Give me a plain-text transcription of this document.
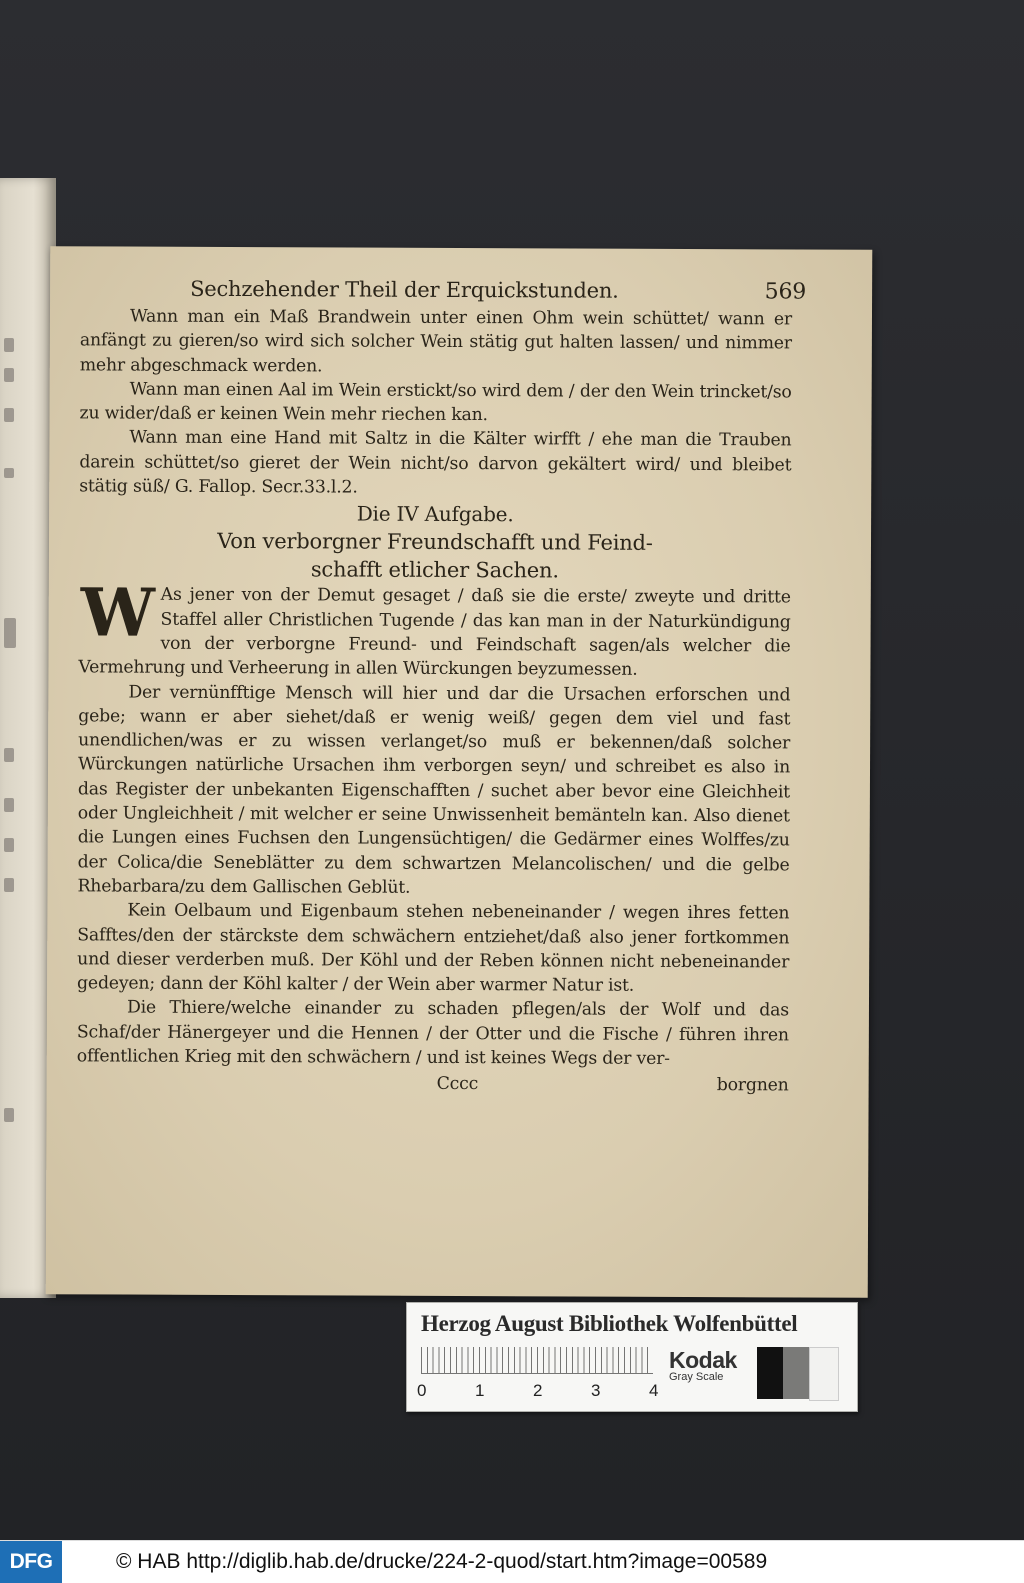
Sechzehender Theil der Erquickstunden.	569
Wann man ein Maß Brandwein unter einen Ohm wein schüttet/ wann er anfängt zu gieren/so wird sich solcher Wein stätig gut halten lassen/ und nimmer mehr abgeschmack werden.
Wann man einen Aal im Wein erstickt/so wird dem / der den Wein trincket/so zu wider/daß er keinen Wein mehr riechen kan.
Wann man eine Hand mit Saltz in die Kälter wirfft / ehe man die Trauben darein schüttet/so gieret der Wein nicht/so darvon gekältert wird/ und bleibet stätig süß/ G. Fallop. Secr.33.l.2.
Die IV Aufgabe.
Von verborgner Freundschafft und Feind-
schafft etlicher Sachen.
W As jener von der Demut gesaget / daß sie die erste/ zweyte und dritte Staffel aller Christlichen Tugende / das kan man in der Naturkündigung von der verborgne Freund- und Feindschaft sagen/als welcher die Vermehrung und Verheerung in allen Würckungen beyzumessen.
Der vernünfftige Mensch will hier und dar die Ursachen erforschen und gebe; wann er aber siehet/daß er wenig weiß/ gegen dem viel und fast unendlichen/was er zu wissen verlanget/so muß er bekennen/daß solcher Würckungen natürliche Ursachen ihm verborgen seyn/ und schreibet es also in das Register der unbekanten Eigenschafften / suchet aber bevor eine Gleichheit oder Ungleichheit / mit welcher er seine Unwissenheit bemänteln kan. Also dienet die Lungen eines Fuchsen den Lungensüchtigen/ die Gedärmer eines Wolffes/zu der Colica/die Seneblätter zu dem schwartzen Melancolischen/ und die gelbe Rhebarbara/zu dem Gallischen Geblüt.
Kein Oelbaum und Eigenbaum stehen nebeneinander / wegen ihres fetten Safftes/den der stärckste dem schwächern entziehet/daß also jener fortkommen und dieser verderben muß. Der Köhl und der Reben können nicht nebeneinander gedeyen; dann der Köhl kalter / der Wein aber warmer Natur ist.
Die Thiere/welche einander zu schaden pflegen/als der Wolf und das Schaf/der Hänergeyer und die Hennen / der Otter und die Fische / führen ihren offentlichen Krieg mit den schwächern / und ist keines Wegs der ver-
Cccc	borgnen
Herzog August Bibliothek Wolfenbüttel
0	1	2	3	4
Kodak
Gray Scale
DFG	© HAB http://diglib.hab.de/drucke/224-2-quod/start.htm?image=00589
